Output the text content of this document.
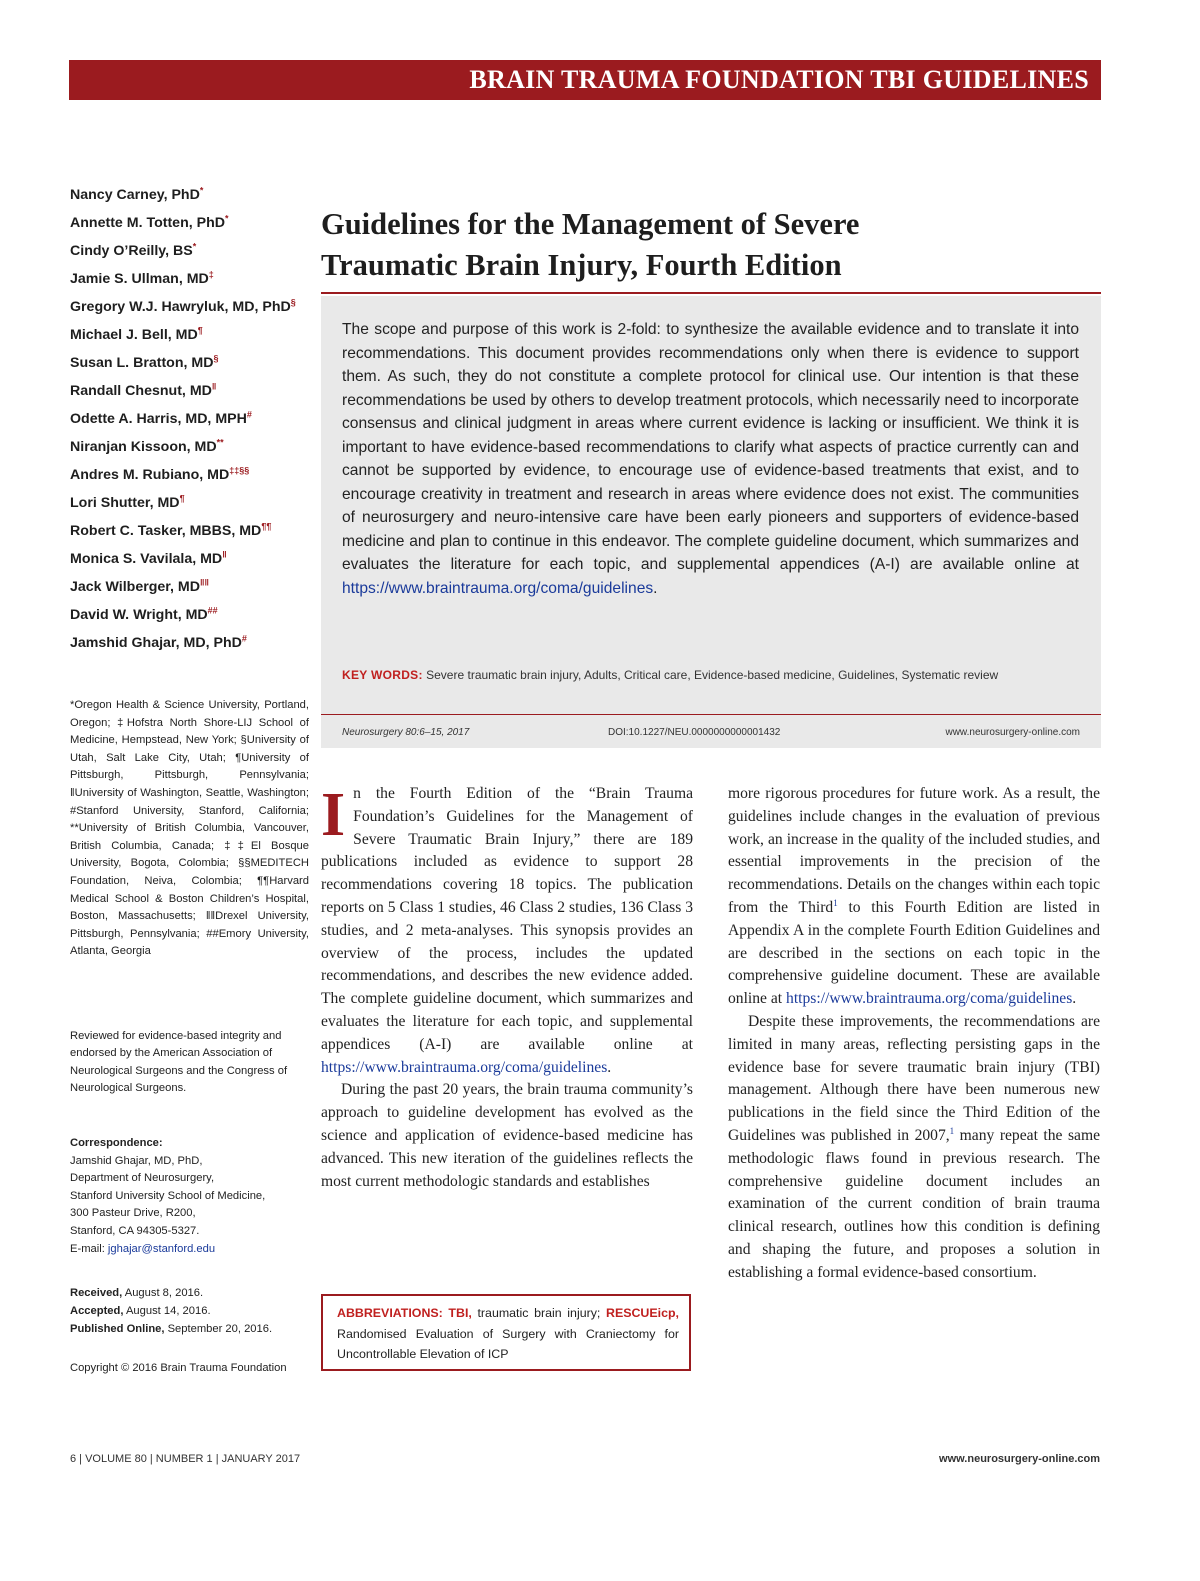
BRAIN TRAUMA FOUNDATION TBI GUIDELINES
Nancy Carney, PhD*
Annette M. Totten, PhD*
Cindy O’Reilly, BS*
Jamie S. Ullman, MD‡
Gregory W.J. Hawryluk, MD, PhD§
Michael J. Bell, MD¶
Susan L. Bratton, MD§
Randall Chesnut, MD‖
Odette A. Harris, MD, MPH#
Niranjan Kissoon, MD**
Andres M. Rubiano, MD‡‡§§
Lori Shutter, MD¶
Robert C. Tasker, MBBS, MD¶¶
Monica S. Vavilala, MD‖
Jack Wilberger, MD‖‖
David W. Wright, MD##
Jamshid Ghajar, MD, PhD#
*Oregon Health & Science University, Portland, Oregon; ‡Hofstra North Shore-LIJ School of Medicine, Hempstead, New York; §University of Utah, Salt Lake City, Utah; ¶University of Pittsburgh, Pittsburgh, Pennsylvania; ‖University of Washington, Seattle, Washington; #Stanford University, Stanford, California; **University of British Columbia, Vancouver, British Columbia, Canada; ‡‡El Bosque University, Bogota, Colombia; §§MEDITECH Foundation, Neiva, Colombia; ¶¶Harvard Medical School & Boston Children’s Hospital, Boston, Massachusetts; ‖‖Drexel University, Pittsburgh, Pennsylvania; ##Emory University, Atlanta, Georgia
Reviewed for evidence-based integrity and endorsed by the American Association of Neurological Surgeons and the Congress of Neurological Surgeons.
Correspondence:
Jamshid Ghajar, MD, PhD,
Department of Neurosurgery,
Stanford University School of Medicine,
300 Pasteur Drive, R200,
Stanford, CA 94305-5327.
E-mail: jghajar@stanford.edu
Received, August 8, 2016.
Accepted, August 14, 2016.
Published Online, September 20, 2016.
Copyright © 2016 Brain Trauma Foundation
Guidelines for the Management of Severe
Traumatic Brain Injury, Fourth Edition
The scope and purpose of this work is 2-fold: to synthesize the available evidence and to translate it into recommendations. This document provides recommendations only when there is evidence to support them. As such, they do not constitute a complete protocol for clinical use. Our intention is that these recommendations be used by others to develop treatment protocols, which necessarily need to incorporate consensus and clinical judgment in areas where current evidence is lacking or insufficient. We think it is important to have evidence-based recommendations to clarify what aspects of practice currently can and cannot be supported by evidence, to encourage use of evidence-based treatments that exist, and to encourage creativity in treatment and research in areas where evidence does not exist. The communities of neurosurgery and neuro-intensive care have been early pioneers and supporters of evidence-based medicine and plan to continue in this endeavor. The complete guideline document, which summarizes and evaluates the literature for each topic, and supplemental appendices (A-I) are available online at https://www.braintrauma.org/coma/guidelines.
KEY WORDS: Severe traumatic brain injury, Adults, Critical care, Evidence-based medicine, Guidelines, Systematic review
Neurosurgery 80:6–15, 2017	DOI:10.1227/NEU.0000000000001432	www.neurosurgery-online.com

In the Fourth Edition of the “Brain Trauma Foundation’s Guidelines for the Management of Severe Traumatic Brain Injury,” there are 189 publications included as evidence to support 28 recommendations covering 18 topics. The publication reports on 5 Class 1 studies, 46 Class 2 studies, 136 Class 3 studies, and 2 meta-analyses. This synopsis provides an overview of the process, includes the updated recommendations, and describes the new evidence added. The complete guideline document, which summarizes and evaluates the literature for each topic, and supplemental appendices (A-I) are available online at https://www.braintrauma.org/coma/guidelines.

During the past 20 years, the brain trauma community’s approach to guideline development has evolved as the science and application of evidence-based medicine has advanced. This new iteration of the guidelines reflects the most current methodologic standards and establishes

ABBREVIATIONS: TBI, traumatic brain injury; RESCUEicp, Randomised Evaluation of Surgery with Craniectomy for Uncontrollable Elevation of ICP

more rigorous procedures for future work. As a result, the guidelines include changes in the evaluation of previous work, an increase in the quality of the included studies, and essential improvements in the precision of the recommendations. Details on the changes within each topic from the Third$^1$ to this Fourth Edition are listed in Appendix A in the complete Fourth Edition Guidelines and are described in the sections on each topic in the comprehensive guideline document. These are available online at https://www.braintrauma.org/coma/guidelines.

Despite these improvements, the recommendations are limited in many areas, reflecting persisting gaps in the evidence base for severe traumatic brain injury (TBI) management. Although there have been numerous new publications in the field since the Third Edition of the Guidelines was published in 2007,$^1$ many repeat the same methodologic flaws found in previous research. The comprehensive guideline document includes an examination of the current condition of brain trauma clinical research, outlines how this condition is defining and shaping the future, and proposes a solution in establishing a formal evidence-based consortium.

6 | VOLUME 80 | NUMBER 1 | JANUARY 2017	www.neurosurgery-online.com
